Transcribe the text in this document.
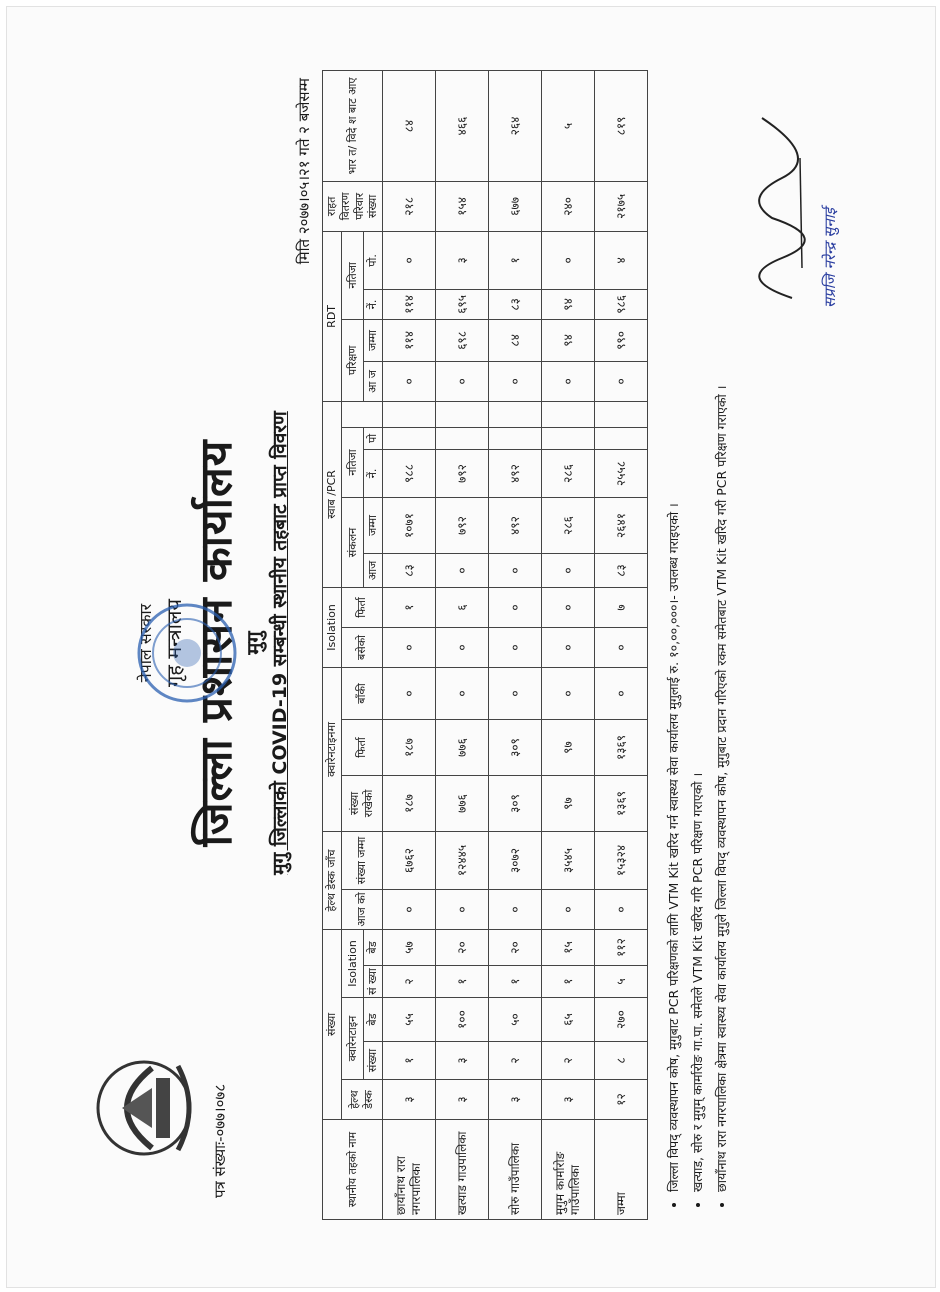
नेपाल सरकार गृह मन्त्रालय जिल्ला प्रशासन कार्यालय मुगु
पत्र संख्याः-०७७।०७८
मुगु जिल्लाको COVID-19 सम्बन्धी स्थानीय तहबाट प्राप्त विवरण
मिति २०७७।०५।२१ गते २ बजेसम्म
स्थानीय तहको नाम	संख्या					हेल्थ डेस्क जाँच		क्वारेनटाइनमा			Isolation		स्वाब /PCR					RDT				राहत वितरण परिवार संख्या	भार त/ विदे श बाट आए
	हेल्थ डेस्क	क्वारेनटाइन		Isolation		आज को	संख्या जम्मा	संख्या राखेको	फिर्ता	बाँकी	बसेको	फिर्ता	संकलन		नतिजा			परिक्षण		नतिजा			
		संख्या	बेड	सं ख्या	बेड								आज	जम्मा	नें.	पो		आ ज	जम्मा	नें.	पो.		
छायाँनाथ रारा नगरपालिका	३	१	५५	२	५७	०	६७६२	१८७	१८७	०	०	१	८३	१०७१	९८८			०	११४	११४	०	२१८	८४
खत्याड गाउपालिका	३	३	१००	१	२०	०	१२४४५	७७६	७७६	०	०	६	०	७९२	७९२			०	६९८	६९५	३	१५४	४६६
सोरु गाउँपालिका	३	२	५०	१	२०	०	३०७२	३०९	३०९	०	०	०	०	४९२	४९२			०	८४	८३	१	६७७	२६४
मुगुम कार्मारोङ गाउँपालिका	३	२	६५	१	१५	०	३५४५	९७	९७	०	०	०	०	२८६	२८६			०	९४	९४	०	२४०	५
जम्मा	१२	८	२७०	५	११२	०	१५३२४	१३६९	१३६९	०	०	७	८३	२६४१	२५५८			०	९९०	९८६	४	२१७५	८१९
• जिल्ला विपद् व्यवस्थापन कोष, मुगुबाट PCR परिक्षणको लागि VTM Kit खरिद गर्न स्वास्थ्य सेवा कार्यालय मुगुलाई रु. १०,००,०००।- उपलब्ध गराइएको । • खत्याड, सोरु र मुगुम् कार्मारोङ गा.पा. समेतले VTM Kit खरिद गरि PCR परिक्षण गराएको । • छायाँनाथ रारा नगरपालिका क्षेत्रमा स्वास्थ्य सेवा कार्यालय मुगुले जिल्ला विपद् व्यवस्थापन कोष, मुगुबाट प्रदान गरिएको रकम समेतबाट VTM Kit खरिद गरी PCR परिक्षण गराएको ।
सप्रजि नरेन्द्र सुनाई
